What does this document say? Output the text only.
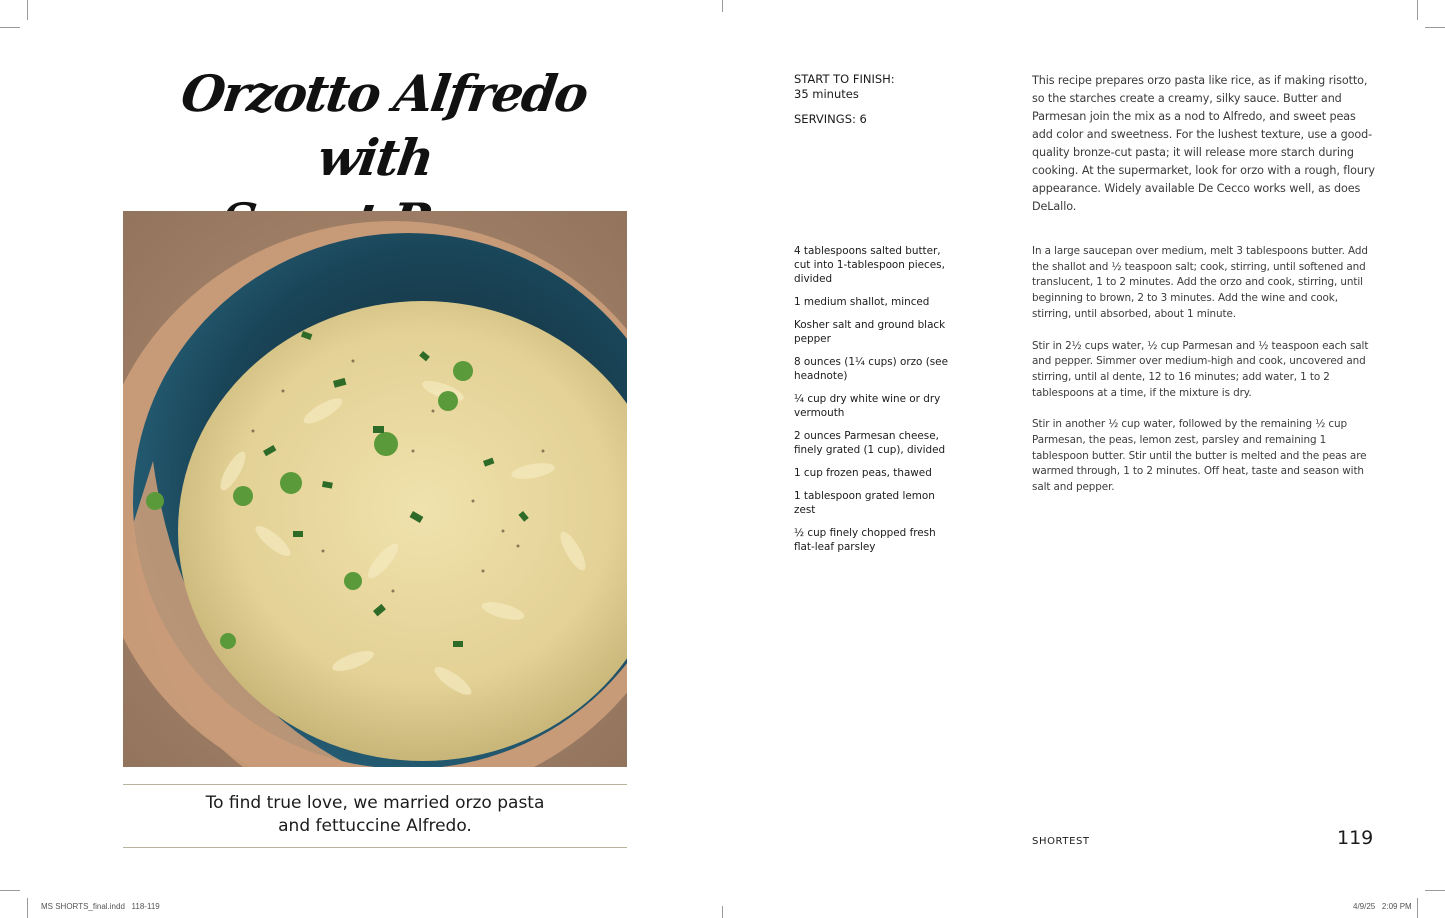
Orzotto Alfredo with

To find true love, we married orzo pasta
and fettuccine Alfredo.

START TO FINISH:
35 minutes
SERVINGS: 6

This recipe prepares orzo pasta like rice, as if making risotto, so the starches create a creamy, silky sauce. Butter and Parmesan join the mix as a nod to Alfredo, and sweet peas add color and sweetness. For the lushest texture, use a good-quality bronze-cut pasta; it will release more starch during cooking. At the supermarket, look for orzo with a rough, floury appearance. Widely available De Cecco works well, as does DeLallo.

4 tablespoons salted butter, cut into 1-tablespoon pieces, divided
1 medium shallot, minced
Kosher salt and ground black pepper
8 ounces (1¼ cups) orzo (see headnote)
¼ cup dry white wine or dry vermouth
2 ounces Parmesan cheese, finely grated (1 cup), divided
1 cup frozen peas, thawed
1 tablespoon grated lemon zest
½ cup finely chopped fresh flat-leaf parsley

In a large saucepan over medium, melt 3 tablespoons butter. Add the shallot and ½ teaspoon salt; cook, stirring, until softened and translucent, 1 to 2 minutes. Add the orzo and cook, stirring, until beginning to brown, 2 to 3 minutes. Add the wine and cook, stirring, until absorbed, about 1 minute.

Stir in 2½ cups water, ½ cup Parmesan and ½ teaspoon each salt and pepper. Simmer over medium-high and cook, uncovered and stirring, until al dente, 12 to 16 minutes; add water, 1 to 2 tablespoons at a time, if the mixture is dry.

Stir in another ½ cup water, followed by the remaining ½ cup Parmesan, the peas, lemon zest, parsley and remaining 1 tablespoon butter. Stir until the butter is melted and the peas are warmed through, 1 to 2 minutes. Off heat, taste and season with salt and pepper.

SHORTEST	119
MS SHORTS_final.indd   118-119	4/9/25   2:09 PM
